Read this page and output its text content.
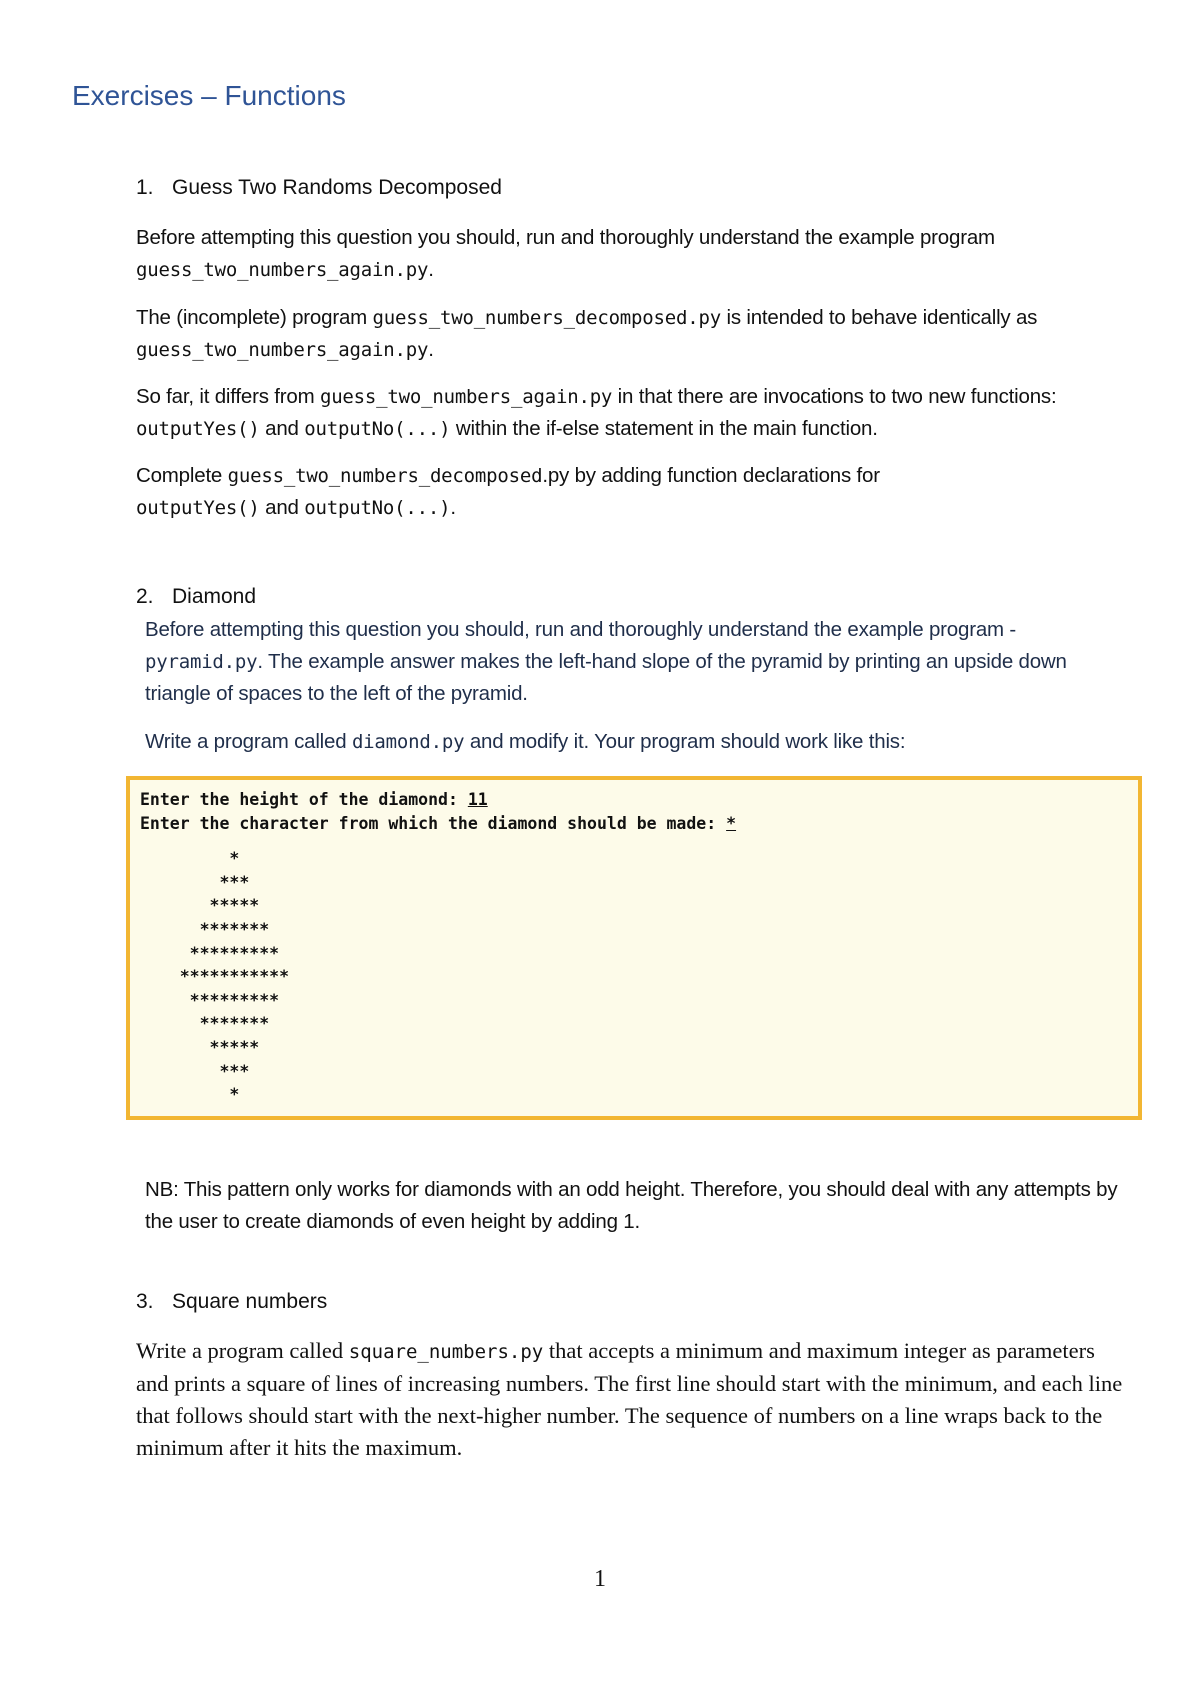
Exercises – Functions
1. Guess Two Randoms Decomposed

Before attempting this question you should, run and thoroughly understand the example program guess_two_numbers_again.py.

The (incomplete) program guess_two_numbers_decomposed.py is intended to behave identically as guess_two_numbers_again.py.

So far, it differs from guess_two_numbers_again.py in that there are invocations to two new functions: outputYes() and outputNo(...) within the if-else statement in the main function.

Complete guess_two_numbers_decomposed.py by adding function declarations for
outputYes() and outputNo(...).

2. Diamond

Before attempting this question you should, run and thoroughly understand the example program - pyramid.py. The example answer makes the left-hand slope of the pyramid by printing an upside down triangle of spaces to the left of the pyramid.

Write a program called diamond.py and modify it. Your program should work like this:

Enter the height of the diamond: 11
Enter the character from which the diamond should be made: *
*
***
*****
*******
*********
***********
*********
*******
*****
***
*

NB: This pattern only works for diamonds with an odd height. Therefore, you should deal with any attempts by the user to create diamonds of even height by adding 1.

3. Square numbers

Write a program called square_numbers.py that accepts a minimum and maximum integer as parameters and prints a square of lines of increasing numbers. The first line should start with the minimum, and each line that follows should start with the next-higher number. The sequence of numbers on a line wraps back to the minimum after it hits the maximum.

1
